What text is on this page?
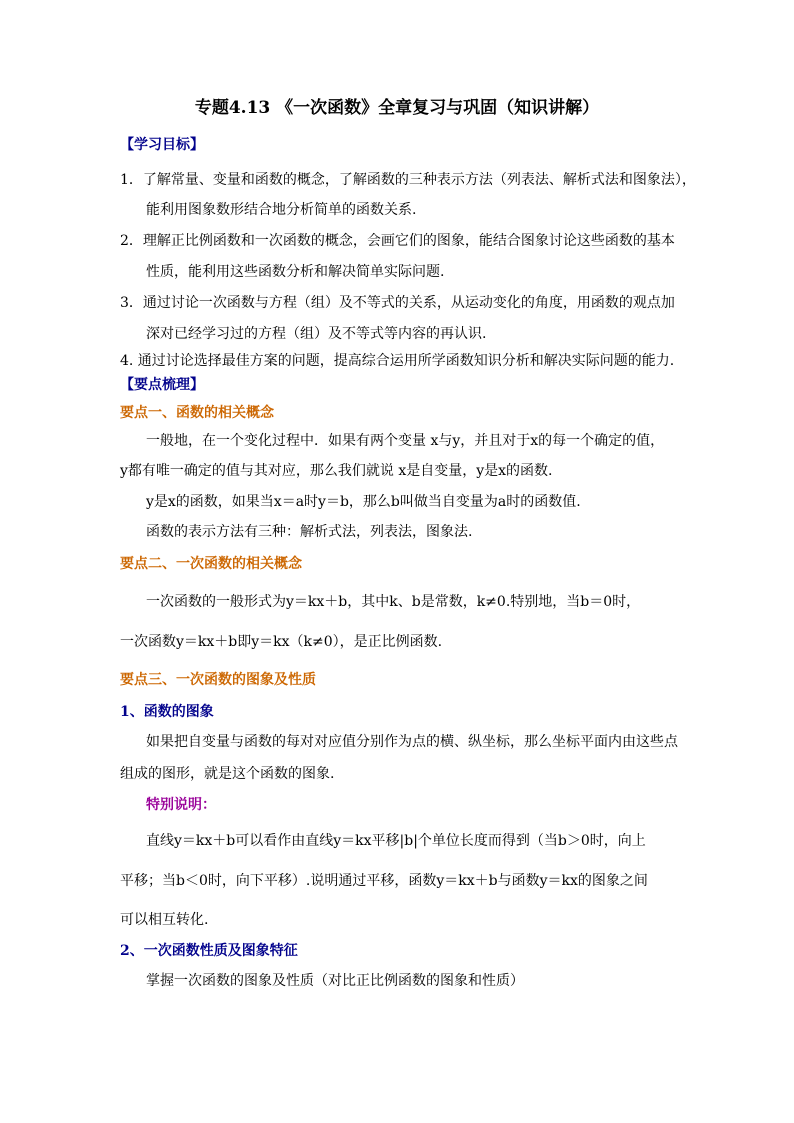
专题4.13 《一次函数》全章复习与巩固（知识讲解）
【学习目标】
1．了解常量、变量和函数的概念，了解函数的三种表示方法（列表法、解析式法和图象法），
能利用图象数形结合地分析简单的函数关系.
2．理解正比例函数和一次函数的概念，会画它们的图象，能结合图象讨论这些函数的基本
性质，能利用这些函数分析和解决简单实际问题.
3．通过讨论一次函数与方程（组）及不等式的关系，从运动变化的角度，用函数的观点加
深对已经学习过的方程（组）及不等式等内容的再认识.
4. 通过讨论选择最佳方案的问题，提高综合运用所学函数知识分析和解决实际问题的能力.
【要点梳理】
要点一、函数的相关概念
一般地，在一个变化过程中．如果有两个变量 x与y，并且对于x的每一个确定的值，
y都有唯一确定的值与其对应，那么我们就说 x是自变量，y是x的函数.
y是x的函数，如果当x＝a时y＝b，那么b叫做当自变量为a时的函数值.
函数的表示方法有三种：解析式法，列表法，图象法.
要点二、一次函数的相关概念
一次函数的一般形式为y＝kx＋b，其中k、b是常数，k≠0.特别地，当b＝0时，
一次函数y＝kx＋b即y＝kx（k≠0），是正比例函数.
要点三、一次函数的图象及性质
1、函数的图象
如果把自变量与函数的每对对应值分别作为点的横、纵坐标，那么坐标平面内由这些点
组成的图形，就是这个函数的图象.
特别说明：
直线y＝kx＋b可以看作由直线y＝kx平移|b|个单位长度而得到（当b＞0时，向上
平移；当b＜0时，向下平移）.说明通过平移，函数y＝kx＋b与函数y＝kx的图象之间
可以相互转化.
2、一次函数性质及图象特征
掌握一次函数的图象及性质（对比正比例函数的图象和性质）
